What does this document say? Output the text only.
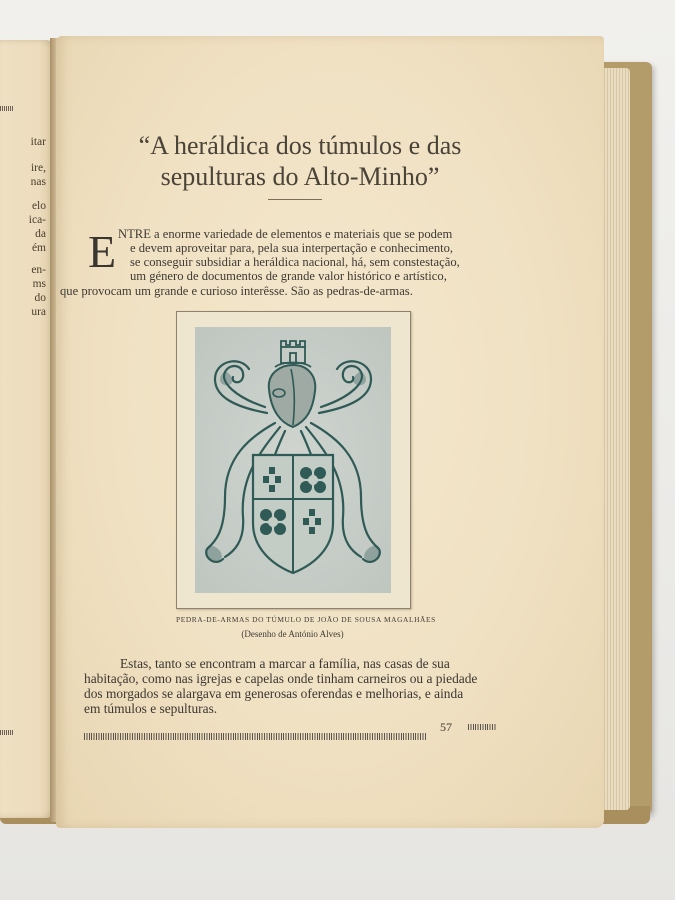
itar
ire,
nas
elo
ica-
da
ém
en-
ms
do
ura
“A heráldica dos túmulos e das
sepulturas do Alto-Minho”
E NTRE a enorme variedade de elementos e materiais que se podem
e devem aproveitar para, pela sua interpertação e conhecimento,
se conseguir subsidiar a heráldica nacional, há, sem constestação,
um género de documentos de grande valor histórico e artístico,
que provocam um grande e curioso interêsse. São as pedras-de-armas.
PEDRA-DE-ARMAS DO TÚMULO DE JOÃO DE SOUSA MAGALHÃES
(Desenho de António Alves)
Estas, tanto se encontram a marcar a família, nas casas de sua
habitação, como nas igrejas e capelas onde tinham carneiros ou a piedade
dos morgados se alargava em generosas oferendas e melhorias, e ainda
em túmulos e sepulturas.
57
